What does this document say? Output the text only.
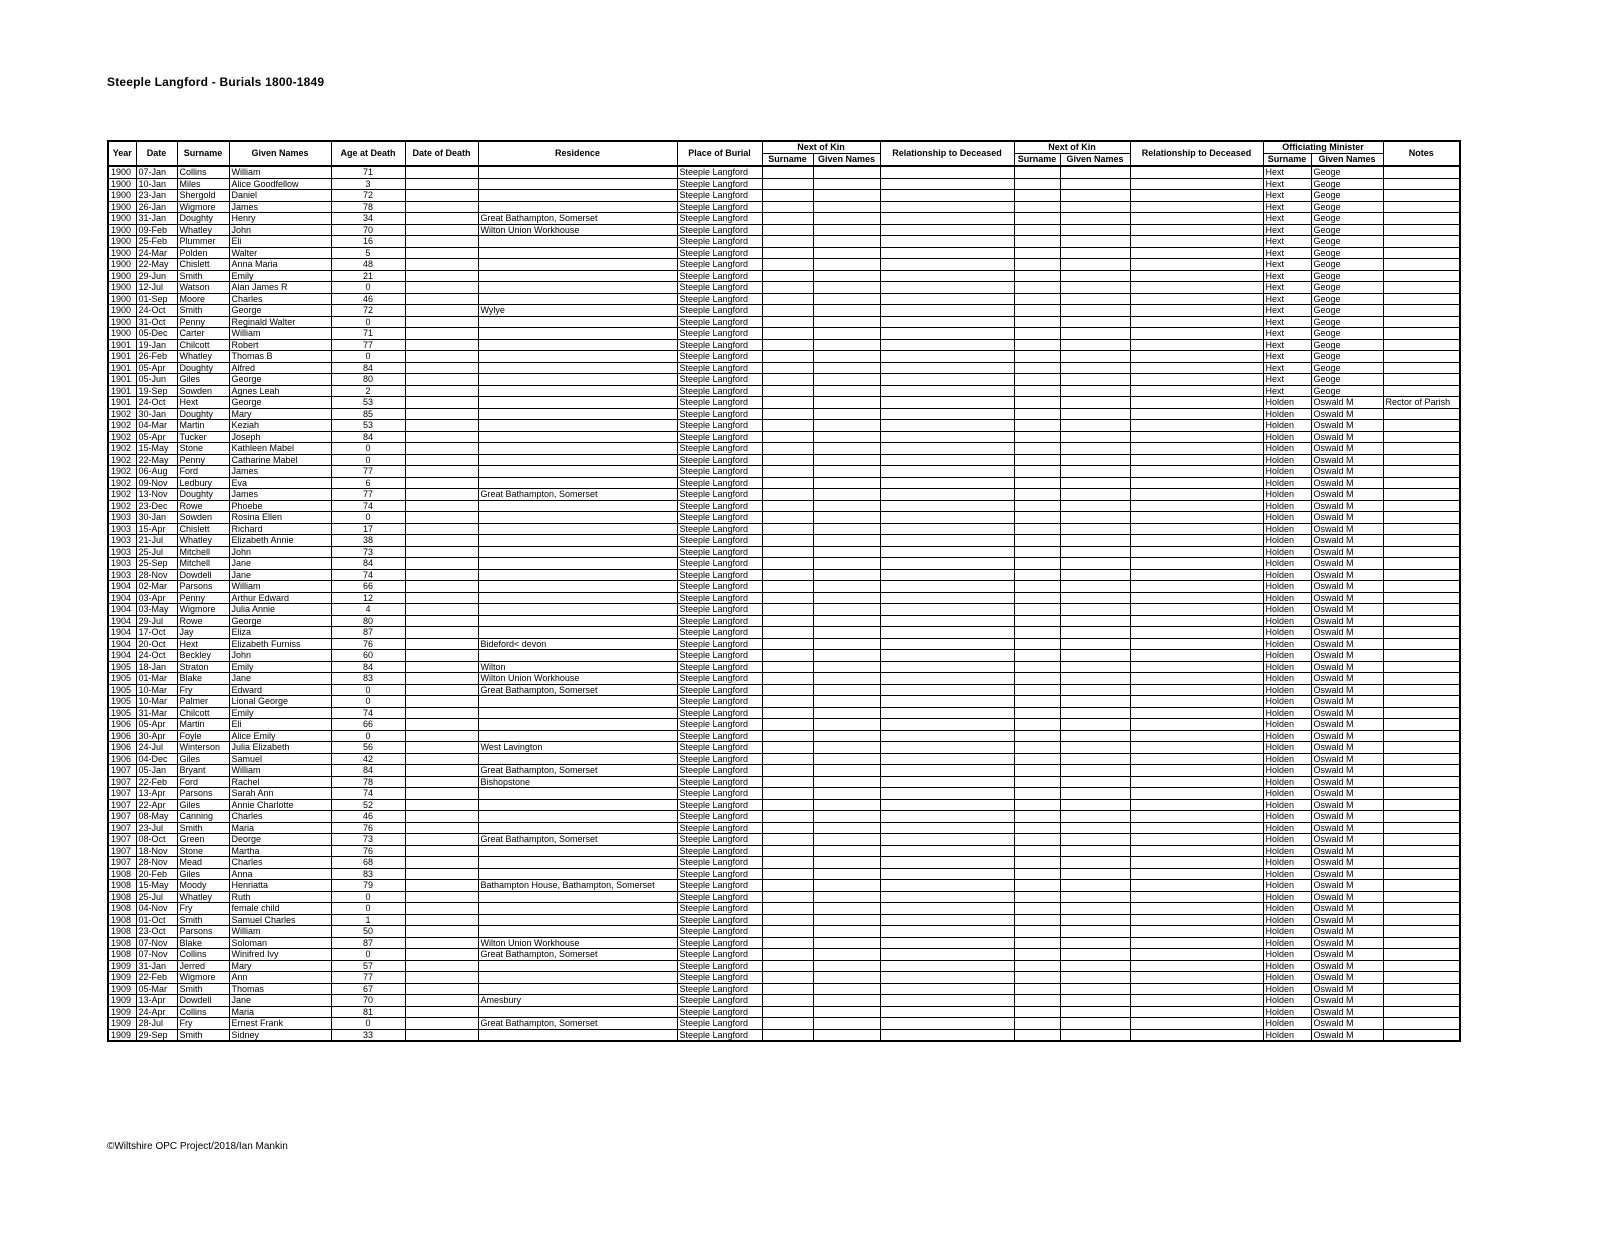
Steeple Langford - Burials 1800-1849
Year	Date	Surname	Given Names	Age at Death	Date of Death	Residence	Place of Burial	Next of Kin		Relationship to Deceased	Next of Kin		Relationship to Deceased	Officiating Minister		Notes
								Surname	Given Names		Surname	Given Names		Surname	Given Names	
1900	07-Jan	Collins	William	71			Steeple Langford							Hext	Geoge	
1900	10-Jan	Miles	Alice Goodfellow	3			Steeple Langford							Hext	Geoge	
1900	23-Jan	Shergold	Daniel	72			Steeple Langford							Hext	Geoge	
1900	26-Jan	Wigmore	James	78			Steeple Langford							Hext	Geoge	
1900	31-Jan	Doughty	Henry	34		Great Bathampton, Somerset	Steeple Langford							Hext	Geoge	
1900	09-Feb	Whatley	John	70		Wilton Union Workhouse	Steeple Langford							Hext	Geoge	
1900	25-Feb	Plummer	Eli	16			Steeple Langford							Hext	Geoge	
1900	24-Mar	Polden	Walter	5			Steeple Langford							Hext	Geoge	
1900	22-May	Chislett	Anna Maria	48			Steeple Langford							Hext	Geoge	
1900	29-Jun	Smith	Emily	21			Steeple Langford							Hext	Geoge	
1900	12-Jul	Watson	Alan James R	0			Steeple Langford							Hext	Geoge	
1900	01-Sep	Moore	Charles	46			Steeple Langford							Hext	Geoge	
1900	24-Oct	Smith	George	72		Wylye	Steeple Langford							Hext	Geoge	
1900	31-Oct	Penny	Reginald Walter	0			Steeple Langford							Hext	Geoge	
1900	05-Dec	Carter	William	71			Steeple Langford							Hext	Geoge	
1901	19-Jan	Chilcott	Robert	77			Steeple Langford							Hext	Geoge	
1901	26-Feb	Whatley	Thomas B	0			Steeple Langford							Hext	Geoge	
1901	05-Apr	Doughty	Alfred	84			Steeple Langford							Hext	Geoge	
1901	05-Jun	Giles	George	80			Steeple Langford							Hext	Geoge	
1901	19-Sep	Sowden	Agnes Leah	2			Steeple Langford							Hext	Geoge	
1901	24-Oct	Hext	George	53			Steeple Langford							Holden	Oswald M	Rector of Parish
1902	30-Jan	Doughty	Mary	85			Steeple Langford							Holden	Oswald M	
1902	04-Mar	Martin	Keziah	53			Steeple Langford							Holden	Oswald M	
1902	05-Apr	Tucker	Joseph	84			Steeple Langford							Holden	Oswald M	
1902	15-May	Stone	Kathleen Mabel	0			Steeple Langford							Holden	Oswald M	
1902	22-May	Penny	Catharine Mabel	0			Steeple Langford							Holden	Oswald M	
1902	06-Aug	Ford	James	77			Steeple Langford							Holden	Oswald M	
1902	09-Nov	Ledbury	Eva	6			Steeple Langford							Holden	Oswald M	
1902	13-Nov	Doughty	James	77		Great Bathampton, Somerset	Steeple Langford							Holden	Oswald M	
1902	23-Dec	Rowe	Phoebe	74			Steeple Langford							Holden	Oswald M	
1903	30-Jan	Sowden	Rosina Ellen	0			Steeple Langford							Holden	Oswald M	
1903	15-Apr	Chislett	Richard	17			Steeple Langford							Holden	Oswald M	
1903	21-Jul	Whatley	Elizabeth Annie	38			Steeple Langford							Holden	Oswald M	
1903	25-Jul	Mitchell	John	73			Steeple Langford							Holden	Oswald M	
1903	25-Sep	Mitchell	Jane	84			Steeple Langford							Holden	Oswald M	
1903	28-Nov	Dowdell	Jane	74			Steeple Langford							Holden	Oswald M	
1904	02-Mar	Parsons	William	66			Steeple Langford							Holden	Oswald M	
1904	03-Apr	Penny	Arthur Edward	12			Steeple Langford							Holden	Oswald M	
1904	03-May	Wigmore	Julia Annie	4			Steeple Langford							Holden	Oswald M	
1904	29-Jul	Rowe	George	80			Steeple Langford							Holden	Oswald M	
1904	17-Oct	Jay	Eliza	87			Steeple Langford							Holden	Oswald M	
1904	20-Oct	Hext	Elizabeth Furniss	76		Bideford< devon	Steeple Langford							Holden	Oswald M	
1904	24-Oct	Beckley	John	60			Steeple Langford							Holden	Oswald M	
1905	18-Jan	Straton	Emily	84		Wilton	Steeple Langford							Holden	Oswald M	
1905	01-Mar	Blake	Jane	83		Wilton Union Workhouse	Steeple Langford							Holden	Oswald M	
1905	10-Mar	Fry	Edward	0		Great Bathampton, Somerset	Steeple Langford							Holden	Oswald M	
1905	10-Mar	Palmer	Lional George	0			Steeple Langford							Holden	Oswald M	
1905	31-Mar	Chilcott	Emily	74			Steeple Langford							Holden	Oswald M	
1906	05-Apr	Martin	Eli	66			Steeple Langford							Holden	Oswald M	
1906	30-Apr	Foyle	Alice Emily	0			Steeple Langford							Holden	Oswald M	
1906	24-Jul	Winterson	Julia Elizabeth	56		West Lavington	Steeple Langford							Holden	Oswald M	
1906	04-Dec	Giles	Samuel	42			Steeple Langford							Holden	Oswald M	
1907	05-Jan	Bryant	William	84		Great Bathampton, Somerset	Steeple Langford							Holden	Oswald M	
1907	22-Feb	Ford	Rachel	78		Bishopstone	Steeple Langford							Holden	Oswald M	
1907	13-Apr	Parsons	Sarah Ann	74			Steeple Langford							Holden	Oswald M	
1907	22-Apr	Giles	Annie Charlotte	52			Steeple Langford							Holden	Oswald M	
1907	08-May	Canning	Charles	46			Steeple Langford							Holden	Oswald M	
1907	23-Jul	Smith	Maria	76			Steeple Langford							Holden	Oswald M	
1907	08-Oct	Green	Deorge	73		Great Bathampton, Somerset	Steeple Langford							Holden	Oswald M	
1907	18-Nov	Stone	Martha	76			Steeple Langford							Holden	Oswald M	
1907	28-Nov	Mead	Charles	68			Steeple Langford							Holden	Oswald M	
1908	20-Feb	Giles	Anna	83			Steeple Langford							Holden	Oswald M	
1908	15-May	Moody	Henriatta	79		Bathampton House, Bathampton, Somerset	Steeple Langford							Holden	Oswald M	
1908	25-Jul	Whatley	Ruth	0			Steeple Langford							Holden	Oswald M	
1908	04-Nov	Fry	female child	0			Steeple Langford							Holden	Oswald M	
1908	01-Oct	Smith	Samuel Charles	1			Steeple Langford							Holden	Oswald M	
1908	23-Oct	Parsons	William	50			Steeple Langford							Holden	Oswald M	
1908	07-Nov	Blake	Soloman	87		Wilton Union Workhouse	Steeple Langford							Holden	Oswald M	
1908	07-Nov	Collins	Winifred Ivy	0		Great Bathampton, Somerset	Steeple Langford							Holden	Oswald M	
1909	31-Jan	Jerred	Mary	57			Steeple Langford							Holden	Oswald M	
1909	22-Feb	Wigmore	Ann	77			Steeple Langford							Holden	Oswald M	
1909	05-Mar	Smith	Thomas	67			Steeple Langford							Holden	Oswald M	
1909	13-Apr	Dowdell	Jane	70		Amesbury	Steeple Langford							Holden	Oswald M	
1909	24-Apr	Collins	Maria	81			Steeple Langford							Holden	Oswald M	
1909	28-Jul	Fry	Ernest Frank	0		Great Bathampton, Somerset	Steeple Langford							Holden	Oswald M	
1909	29-Sep	Smith	Sidney	33			Steeple Langford							Holden	Oswald M	
©Wiltshire OPC Project/2018/Ian Mankin
